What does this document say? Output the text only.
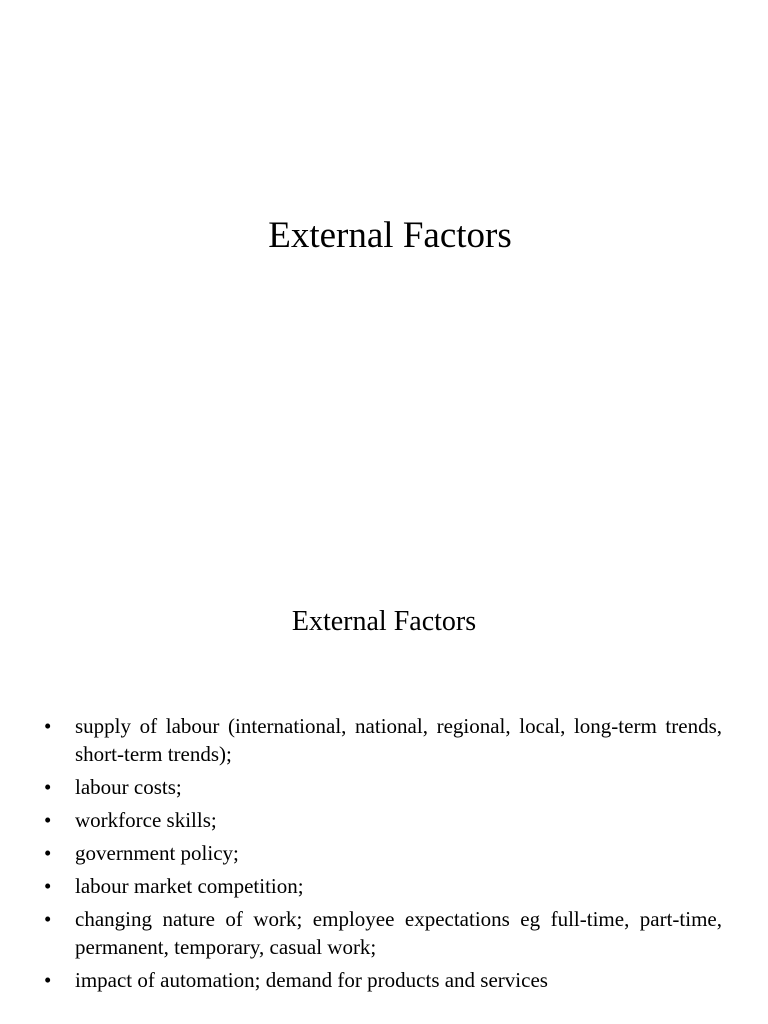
External Factors
External Factors
• supply of labour (international, national, regional, local, long-term trends, short-term trends);
• labour costs;
• workforce skills;
• government policy;
• labour market competition;
• changing nature of work; employee expectations eg full-time, part-time, permanent, temporary, casual work;
• impact of automation; demand for products and services
